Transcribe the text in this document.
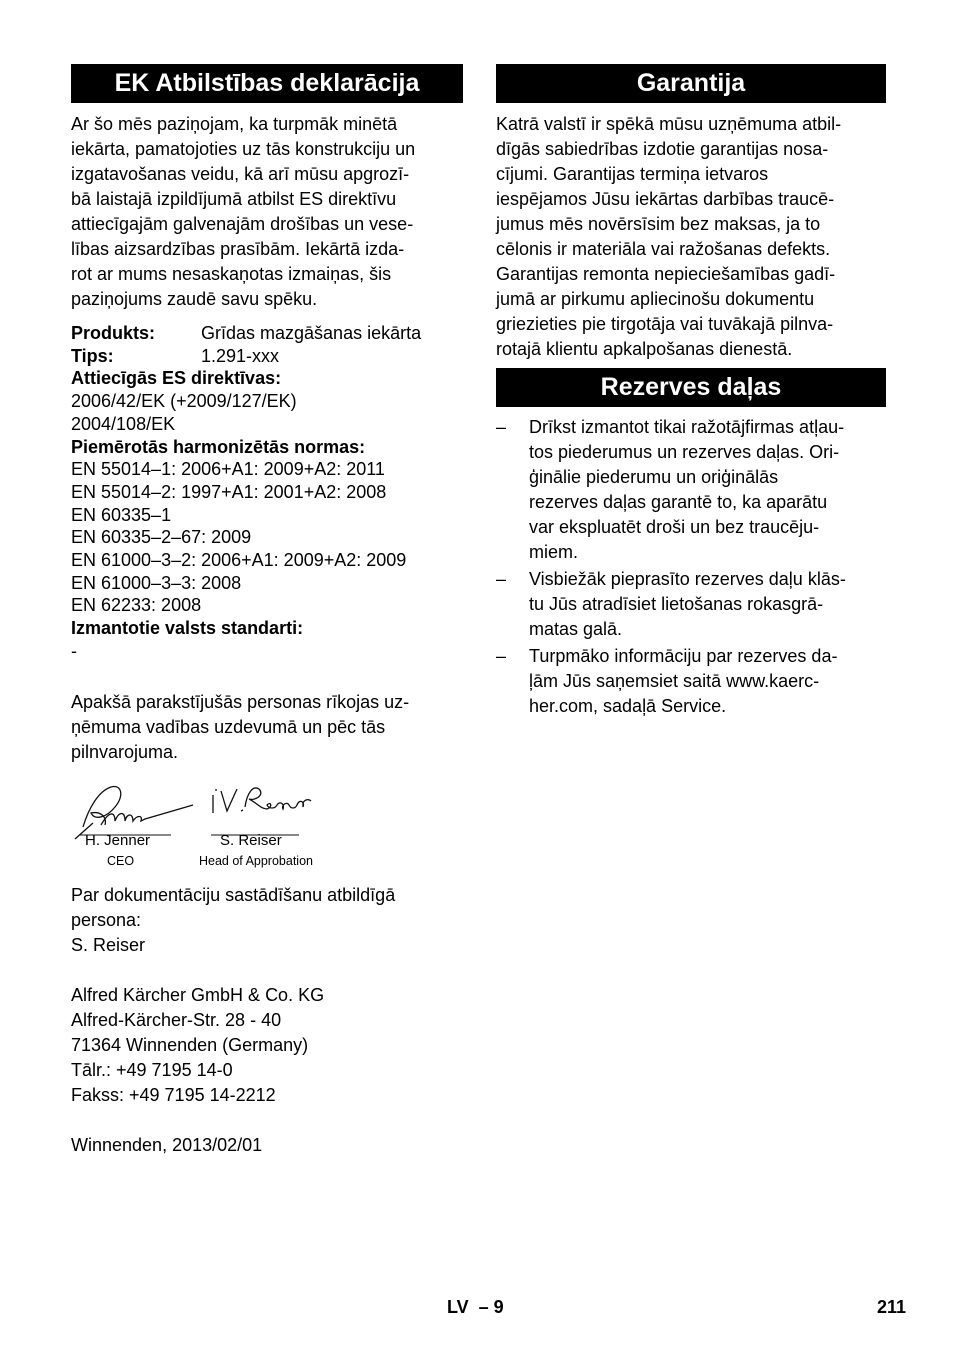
EK Atbilstības deklarācija

Ar šo mēs paziņojam, ka turpmāk minētā
iekārta, pamatojoties uz tās konstrukciju un
izgatavošanas veidu, kā arī mūsu apgrozī-
bā laistajā izpildījumā atbilst ES direktīvu
attiecīgajām galvenajām drošības un vese-
lības aizsardzības prasībām. Iekārtā izda-
rot ar mums nesaskaņotas izmaiņas, šis
paziņojums zaudē savu spēku.

Produkts:	Grīdas mazgāšanas iekārta
Tips:	1.291-xxx
Attiecīgās ES direktīvas:
2006/42/EK (+2009/127/EK)
2004/108/EK
Piemērotās harmonizētās normas:
EN 55014–1: 2006+A1: 2009+A2: 2011
EN 55014–2: 1997+A1: 2001+A2: 2008
EN 60335–1
EN 60335–2–67: 2009
EN 61000–3–2: 2006+A1: 2009+A2: 2009
EN 61000–3–3: 2008
EN 62233: 2008
Izmantotie valsts standarti:
-

Apakšā parakstījušās personas rīkojas uz-
ņēmuma vadības uzdevumā un pēc tās
pilnvarojuma.

H. Jenner
CEO
S. Reiser
Head of Approbation

Par dokumentāciju sastādīšanu atbildīgā
persona:
S. Reiser

Alfred Kärcher GmbH & Co. KG
Alfred-Kärcher-Str. 28 - 40
71364 Winnenden (Germany)
Tālr.: +49 7195 14-0
Fakss: +49 7195 14-2212

Winnenden, 2013/02/01

Garantija

Katrā valstī ir spēkā mūsu uzņēmuma atbil-
dīgās sabiedrības izdotie garantijas nosa-
cījumi. Garantijas termiņa ietvaros
iespējamos Jūsu iekārtas darbības traucē-
jumus mēs novērsīsim bez maksas, ja to
cēlonis ir materiāla vai ražošanas defekts.
Garantijas remonta nepieciešamības gadī-
jumā ar pirkumu apliecinošu dokumentu
griezieties pie tirgotāja vai tuvākajā pilnva-
rotajā klientu apkalpošanas dienestā.

Rezerves daļas
–	Drīkst izmantot tikai ražotājfirmas atļau-
tos piederumus un rezerves daļas. Ori-
ģinālie piederumu un oriģinālās
rezerves daļas garantē to, ka aparātu
var ekspluatēt droši un bez traucēju-
miem.
–	Visbiežāk pieprasīto rezerves daļu klās-
tu Jūs atradīsiet lietošanas rokasgrā-
matas galā.
–	Turpmāko informāciju par rezerves da-
ļām Jūs saņemsiet saitā www.kaerc-
her.com, sadaļā Service.
LV  – 9	211
